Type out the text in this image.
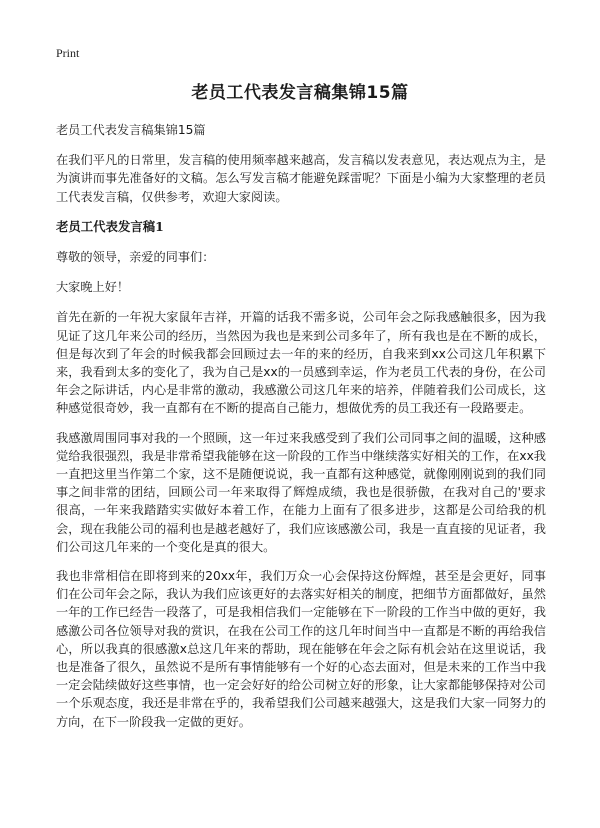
Print
老员工代表发言稿集锦15篇

老员工代表发言稿集锦15篇

在我们平凡的日常里，发言稿的使用频率越来越高，发言稿以发表意见，表达观点为主，是为演讲而事先准备好的文稿。怎么写发言稿才能避免踩雷呢？下面是小编为大家整理的老员工代表发言稿，仅供参考，欢迎大家阅读。

老员工代表发言稿1

尊敬的领导，亲爱的同事们：

大家晚上好！

首先在新的一年祝大家鼠年吉祥，开篇的话我不需多说，公司年会之际我感触很多，因为我见证了这几年来公司的经历，当然因为我也是来到公司多年了，所有我也是在不断的成长，但是每次到了年会的时候我都会回顾过去一年的来的经历，自我来到xx公司这几年积累下来，我看到太多的变化了，我为自己是xx的一员感到幸运，作为老员工代表的身份，在公司年会之际讲话，内心是非常的激动，我感激公司这几年来的培养，伴随着我们公司成长，这种感觉很奇妙，我一直都有在不断的提高自己能力，想做优秀的员工我还有一段路要走。

我感激周围同事对我的一个照顾，这一年过来我感受到了我们公司同事之间的温暖，这种感觉给我很强烈，我是非常希望我能够在这一阶段的工作当中继续落实好相关的工作，在xx我一直把这里当作第二个家，这不是随便说说，我一直都有这种感觉，就像刚刚说到的我们同事之间非常的团结，回顾公司一年来取得了辉煌成绩，我也是很骄傲，在我对自己的'要求很高，一年来我踏踏实实做好本着工作，在能力上面有了很多进步，这都是公司给我的机会，现在我能公司的福利也是越老越好了，我们应该感激公司，我是一直直接的见证者，我们公司这几年来的一个变化是真的很大。

我也非常相信在即将到来的20xx年，我们万众一心会保持这份辉煌，甚至是会更好，同事们在公司年会之际，我认为我们应该更好的去落实好相关的制度，把细节方面都做好，虽然一年的工作已经告一段落了，可是我相信我们一定能够在下一阶段的工作当中做的更好，我感激公司各位领导对我的赏识，在我在公司工作的这几年时间当中一直都是不断的再给我信心，所以我真的很感激x总这几年来的帮助，现在能够在年会之际有机会站在这里说话，我也是准备了很久，虽然说不是所有事情能够有一个好的心态去面对，但是未来的工作当中我一定会陆续做好这些事情，也一定会好好的给公司树立好的形象，让大家都能够保持对公司一个乐观态度，我还是非常在乎的，我希望我们公司越来越强大，这是我们大家一同努力的方向，在下一阶段我一定做的更好。
